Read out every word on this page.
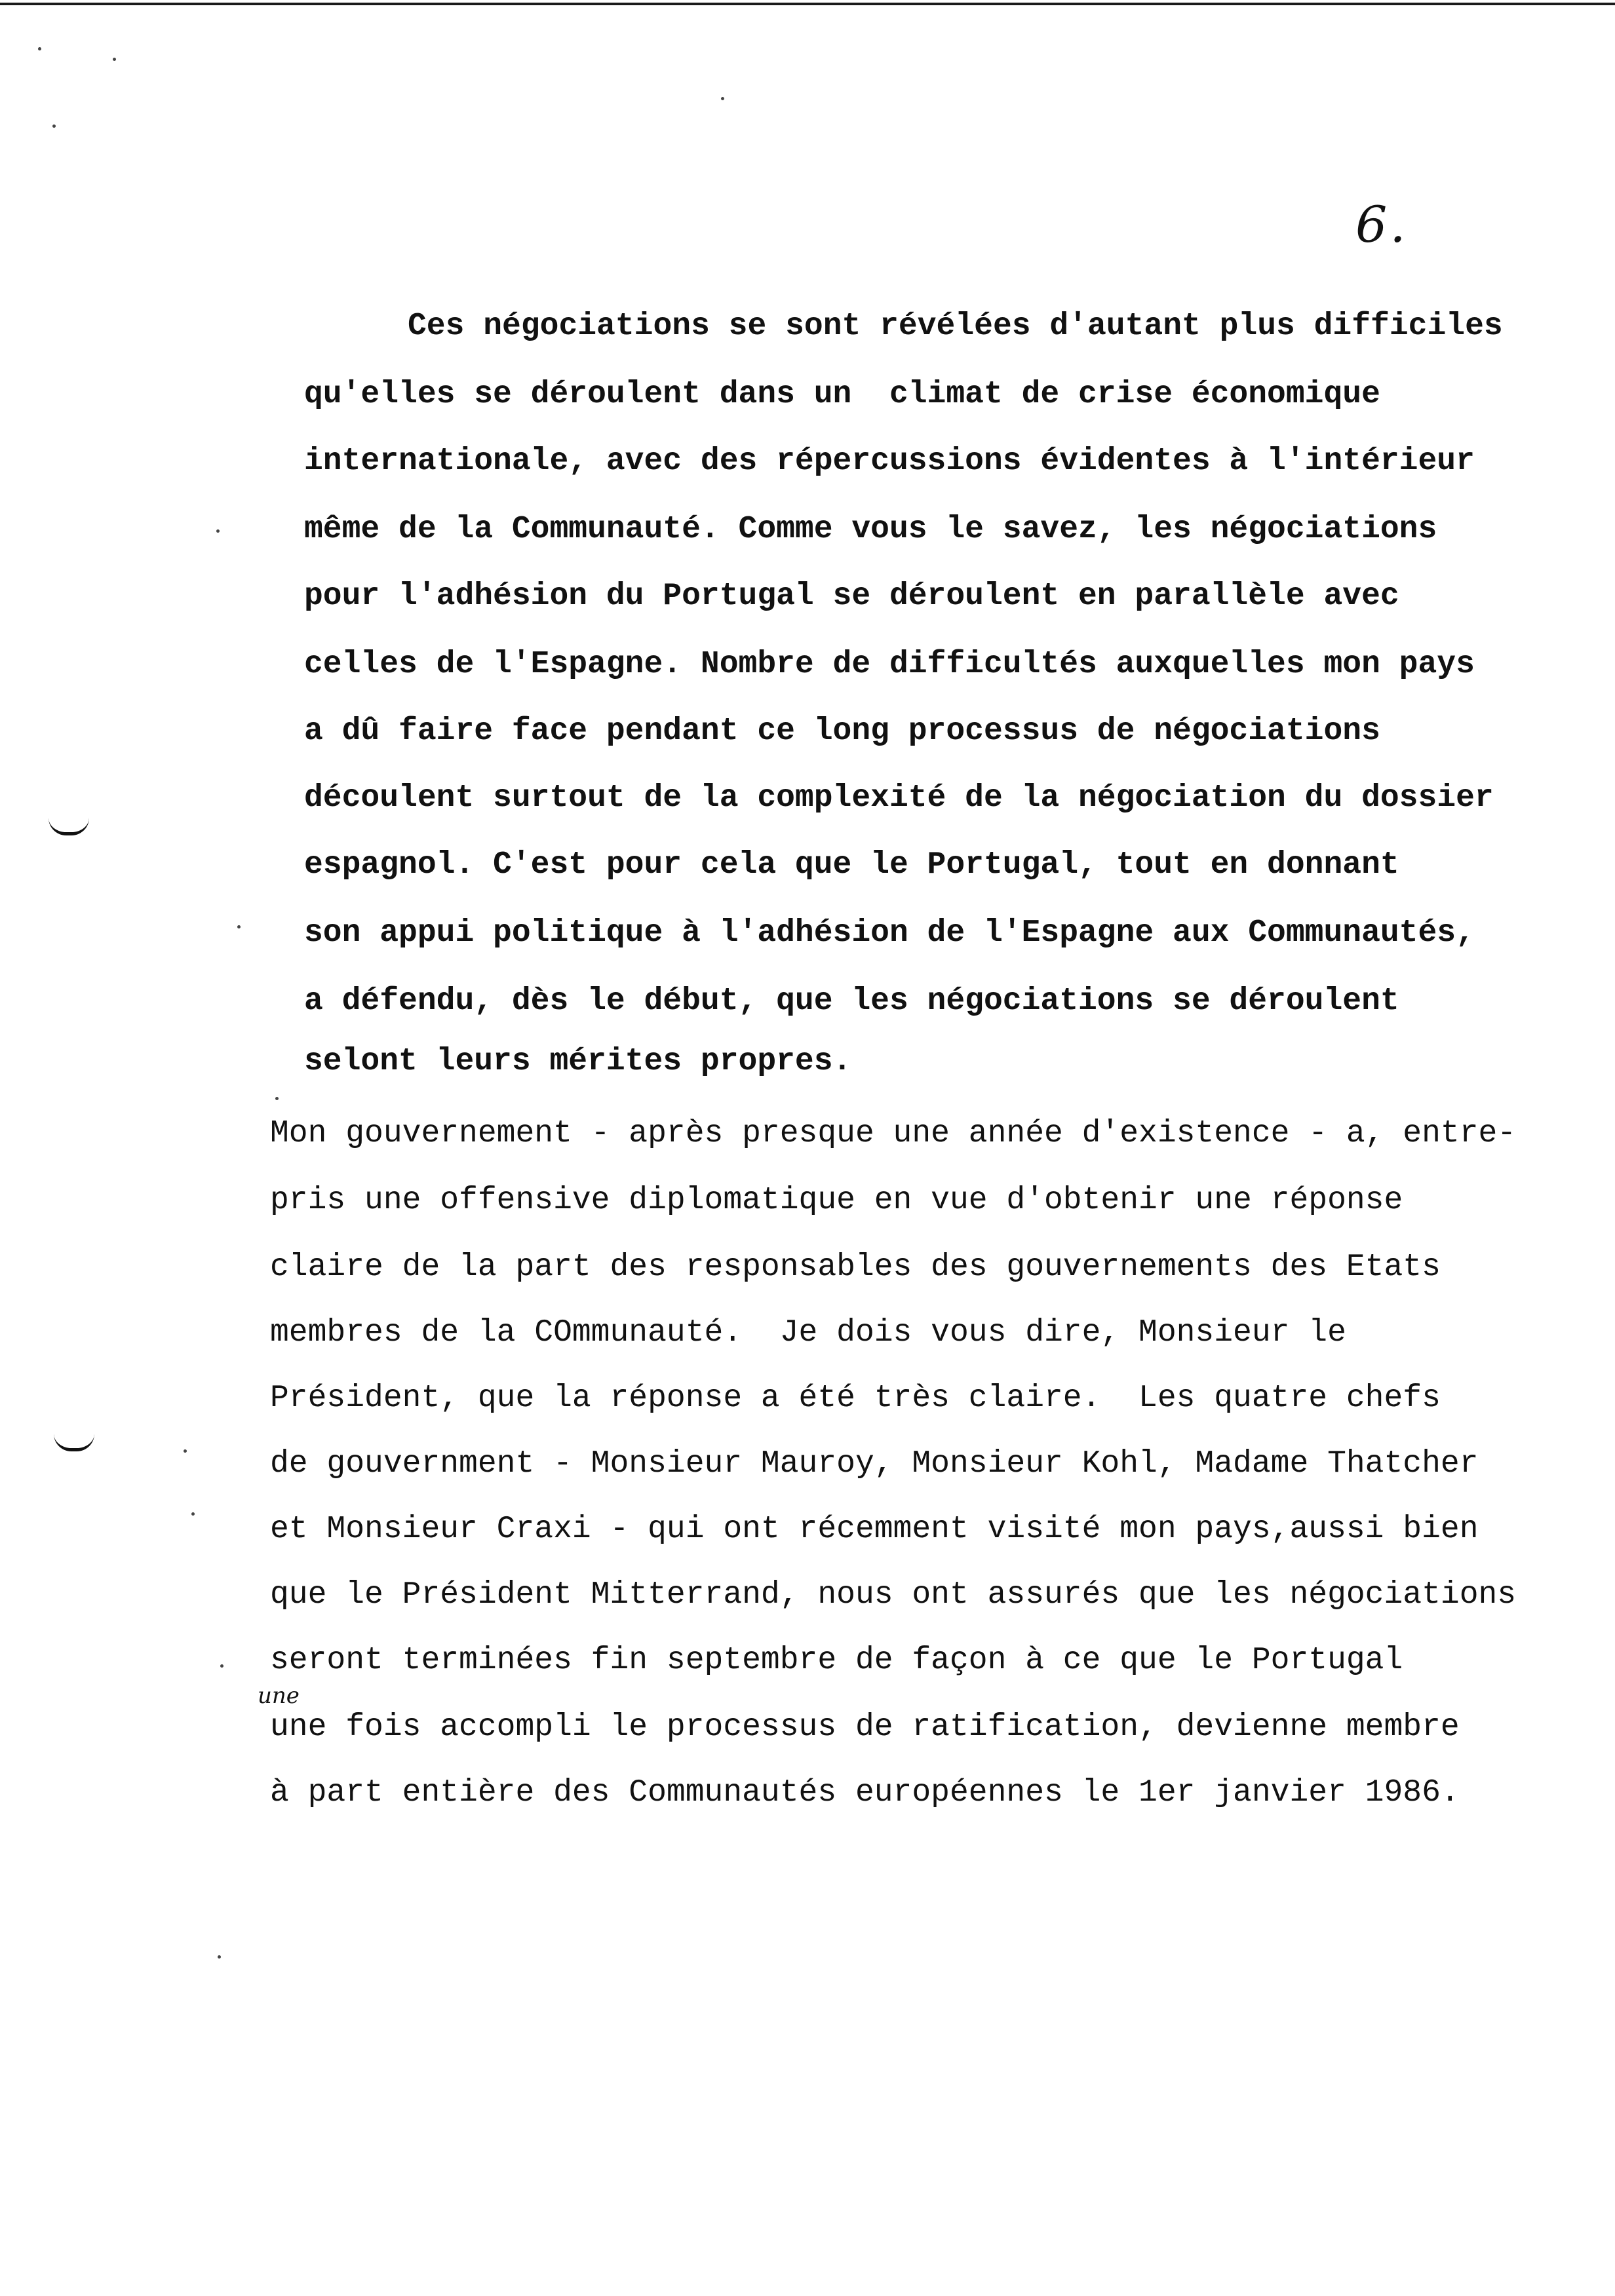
6.
Ces négociations se sont révélées d'autant plus difficiles
qu'elles se déroulent dans un  climat de crise économique
internationale, avec des répercussions évidentes à l'intérieur
même de la Communauté. Comme vous le savez, les négociations
pour l'adhésion du Portugal se déroulent en parallèle avec
celles de l'Espagne. Nombre de difficultés auxquelles mon pays
a dû faire face pendant ce long processus de négociations
découlent surtout de la complexité de la négociation du dossier
espagnol. C'est pour cela que le Portugal, tout en donnant
son appui politique à l'adhésion de l'Espagne aux Communautés,
a défendu, dès le début, que les négociations se déroulent
selont leurs mérites propres.
Mon gouvernement - après presque une année d'existence - a, entre-
pris une offensive diplomatique en vue d'obtenir une réponse
claire de la part des responsables des gouvernements des Etats
membres de la COmmunauté.  Je dois vous dire, Monsieur le
Président, que la réponse a été très claire.  Les quatre chefs
de gouvernment - Monsieur Mauroy, Monsieur Kohl, Madame Thatcher
et Monsieur Craxi - qui ont récemment visité mon pays,aussi bien
que le Président Mitterrand, nous ont assurés que les négociations
seront terminées fin septembre de façon à ce que le Portugal
une fois accompli le processus de ratification, devienne membre
à part entière des Communautés européennes le 1er janvier 1986.
une
